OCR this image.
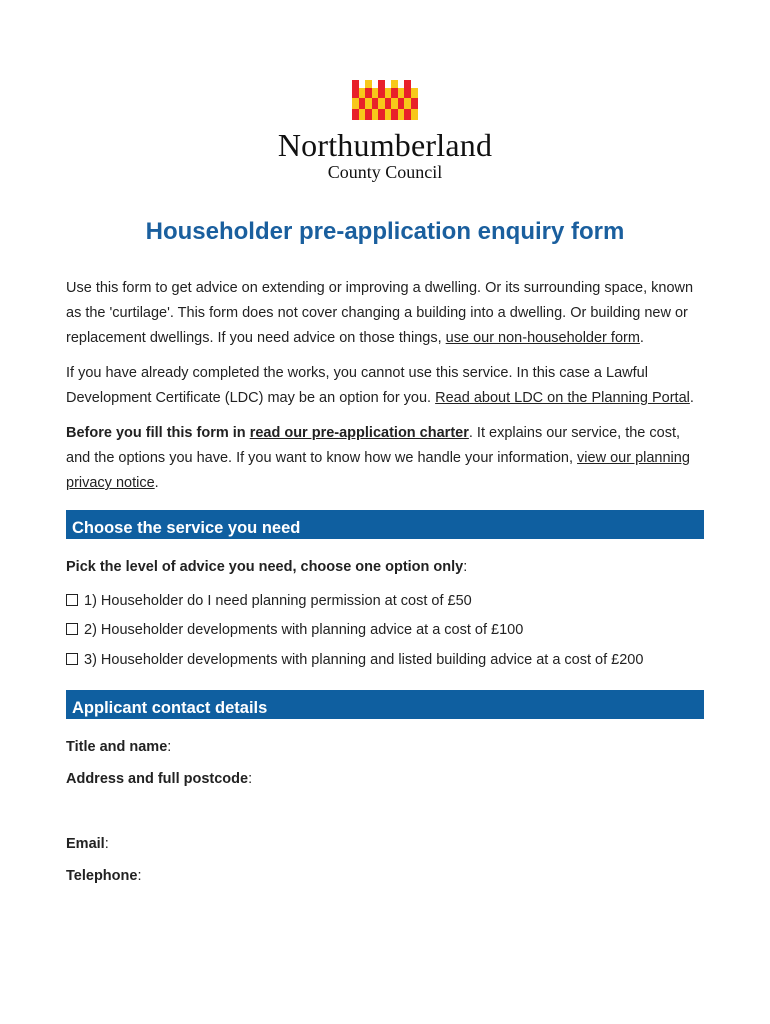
Northumberland
County Council
Householder pre-application enquiry form

Use this form to get advice on extending or improving a dwelling. Or its surrounding space, known as the 'curtilage'. This form does not cover changing a building into a dwelling. Or building new or replacement dwellings. If you need advice on those things, use our non-householder form.

If you have already completed the works, you cannot use this service. In this case a Lawful Development Certificate (LDC) may be an option for you. Read about LDC on the Planning Portal.

Before you fill this form in read our pre-application charter. It explains our service, the cost, and the options you have. If you want to know how we handle your information, view our planning privacy notice.

Choose the service you need

Pick the level of advice you need, choose one option only:

1) Householder do I need planning permission at cost of £50

2) Householder developments with planning advice at a cost of £100

3) Householder developments with planning and listed building advice at a cost of £200

Applicant contact details

Title and name:

Address and full postcode:

Email:

Telephone:
